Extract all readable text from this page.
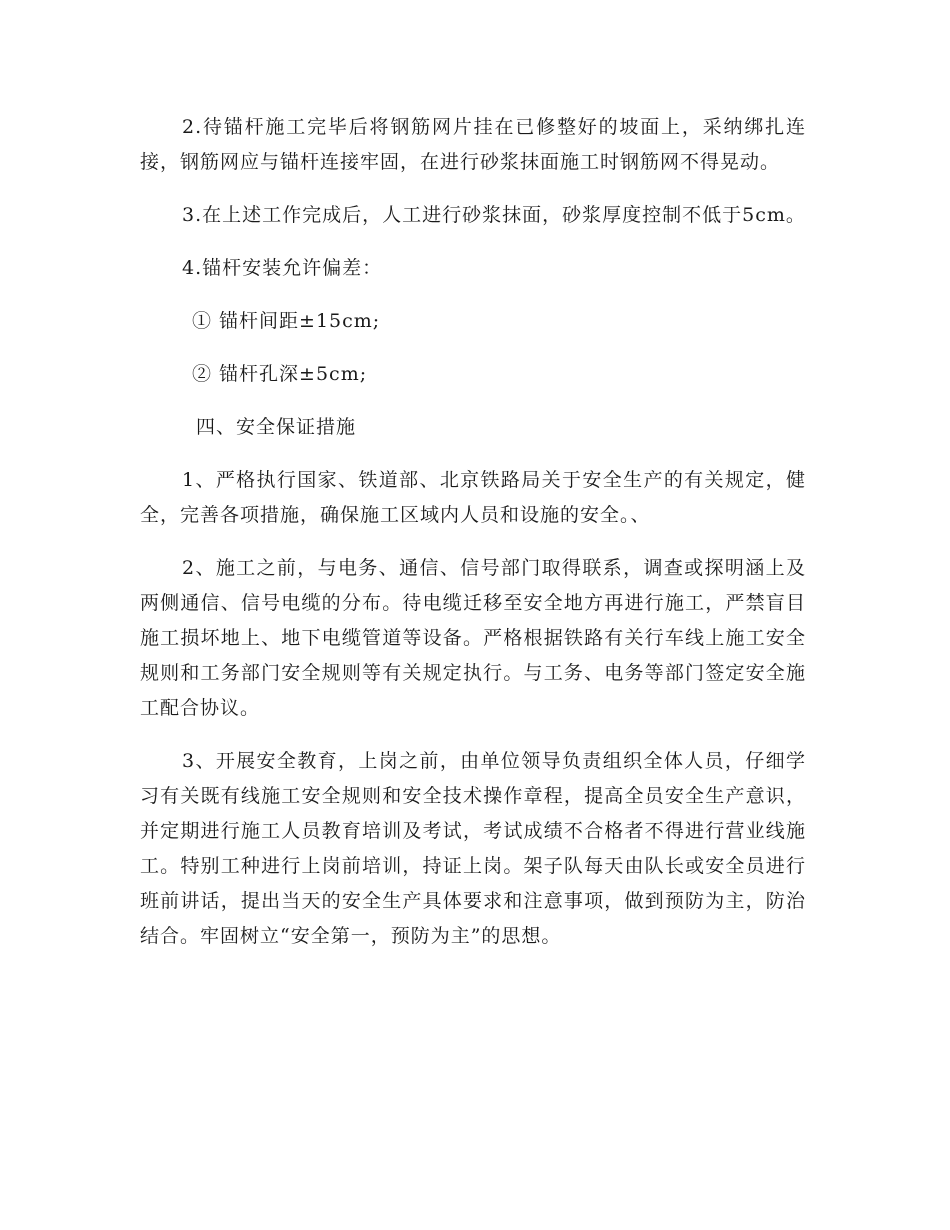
2.待锚杆施工完毕后将钢筋网片挂在已修整好的坡面上，采纳绑扎连接，钢筋网应与锚杆连接牢固，在进行砂浆抹面施工时钢筋网不得晃动。

3.在上述工作完成后，人工进行砂浆抹面，砂浆厚度控制不低于5cm。

4.锚杆安装允许偏差：

① 锚杆间距±15cm;

② 锚杆孔深±5cm;

四、安全保证措施

1、严格执行国家、铁道部、北京铁路局关于安全生产的有关规定，健全，完善各项措施，确保施工区域内人员和设施的安全。、

2、施工之前，与电务、通信、信号部门取得联系，调查或探明涵上及两侧通信、信号电缆的分布。待电缆迁移至安全地方再进行施工，严禁盲目施工损坏地上、地下电缆管道等设备。严格根据铁路有关行车线上施工安全规则和工务部门安全规则等有关规定执行。与工务、电务等部门签定安全施工配合协议。

3、开展安全教育，上岗之前，由单位领导负责组织全体人员，仔细学习有关既有线施工安全规则和安全技术操作章程，提高全员安全生产意识，并定期进行施工人员教育培训及考试，考试成绩不合格者不得进行营业线施工。特别工种进行上岗前培训，持证上岗。架子队每天由队长或安全员进行班前讲话，提出当天的安全生产具体要求和注意事项，做到预防为主，防治结合。牢固树立“安全第一，预防为主”的思想。
